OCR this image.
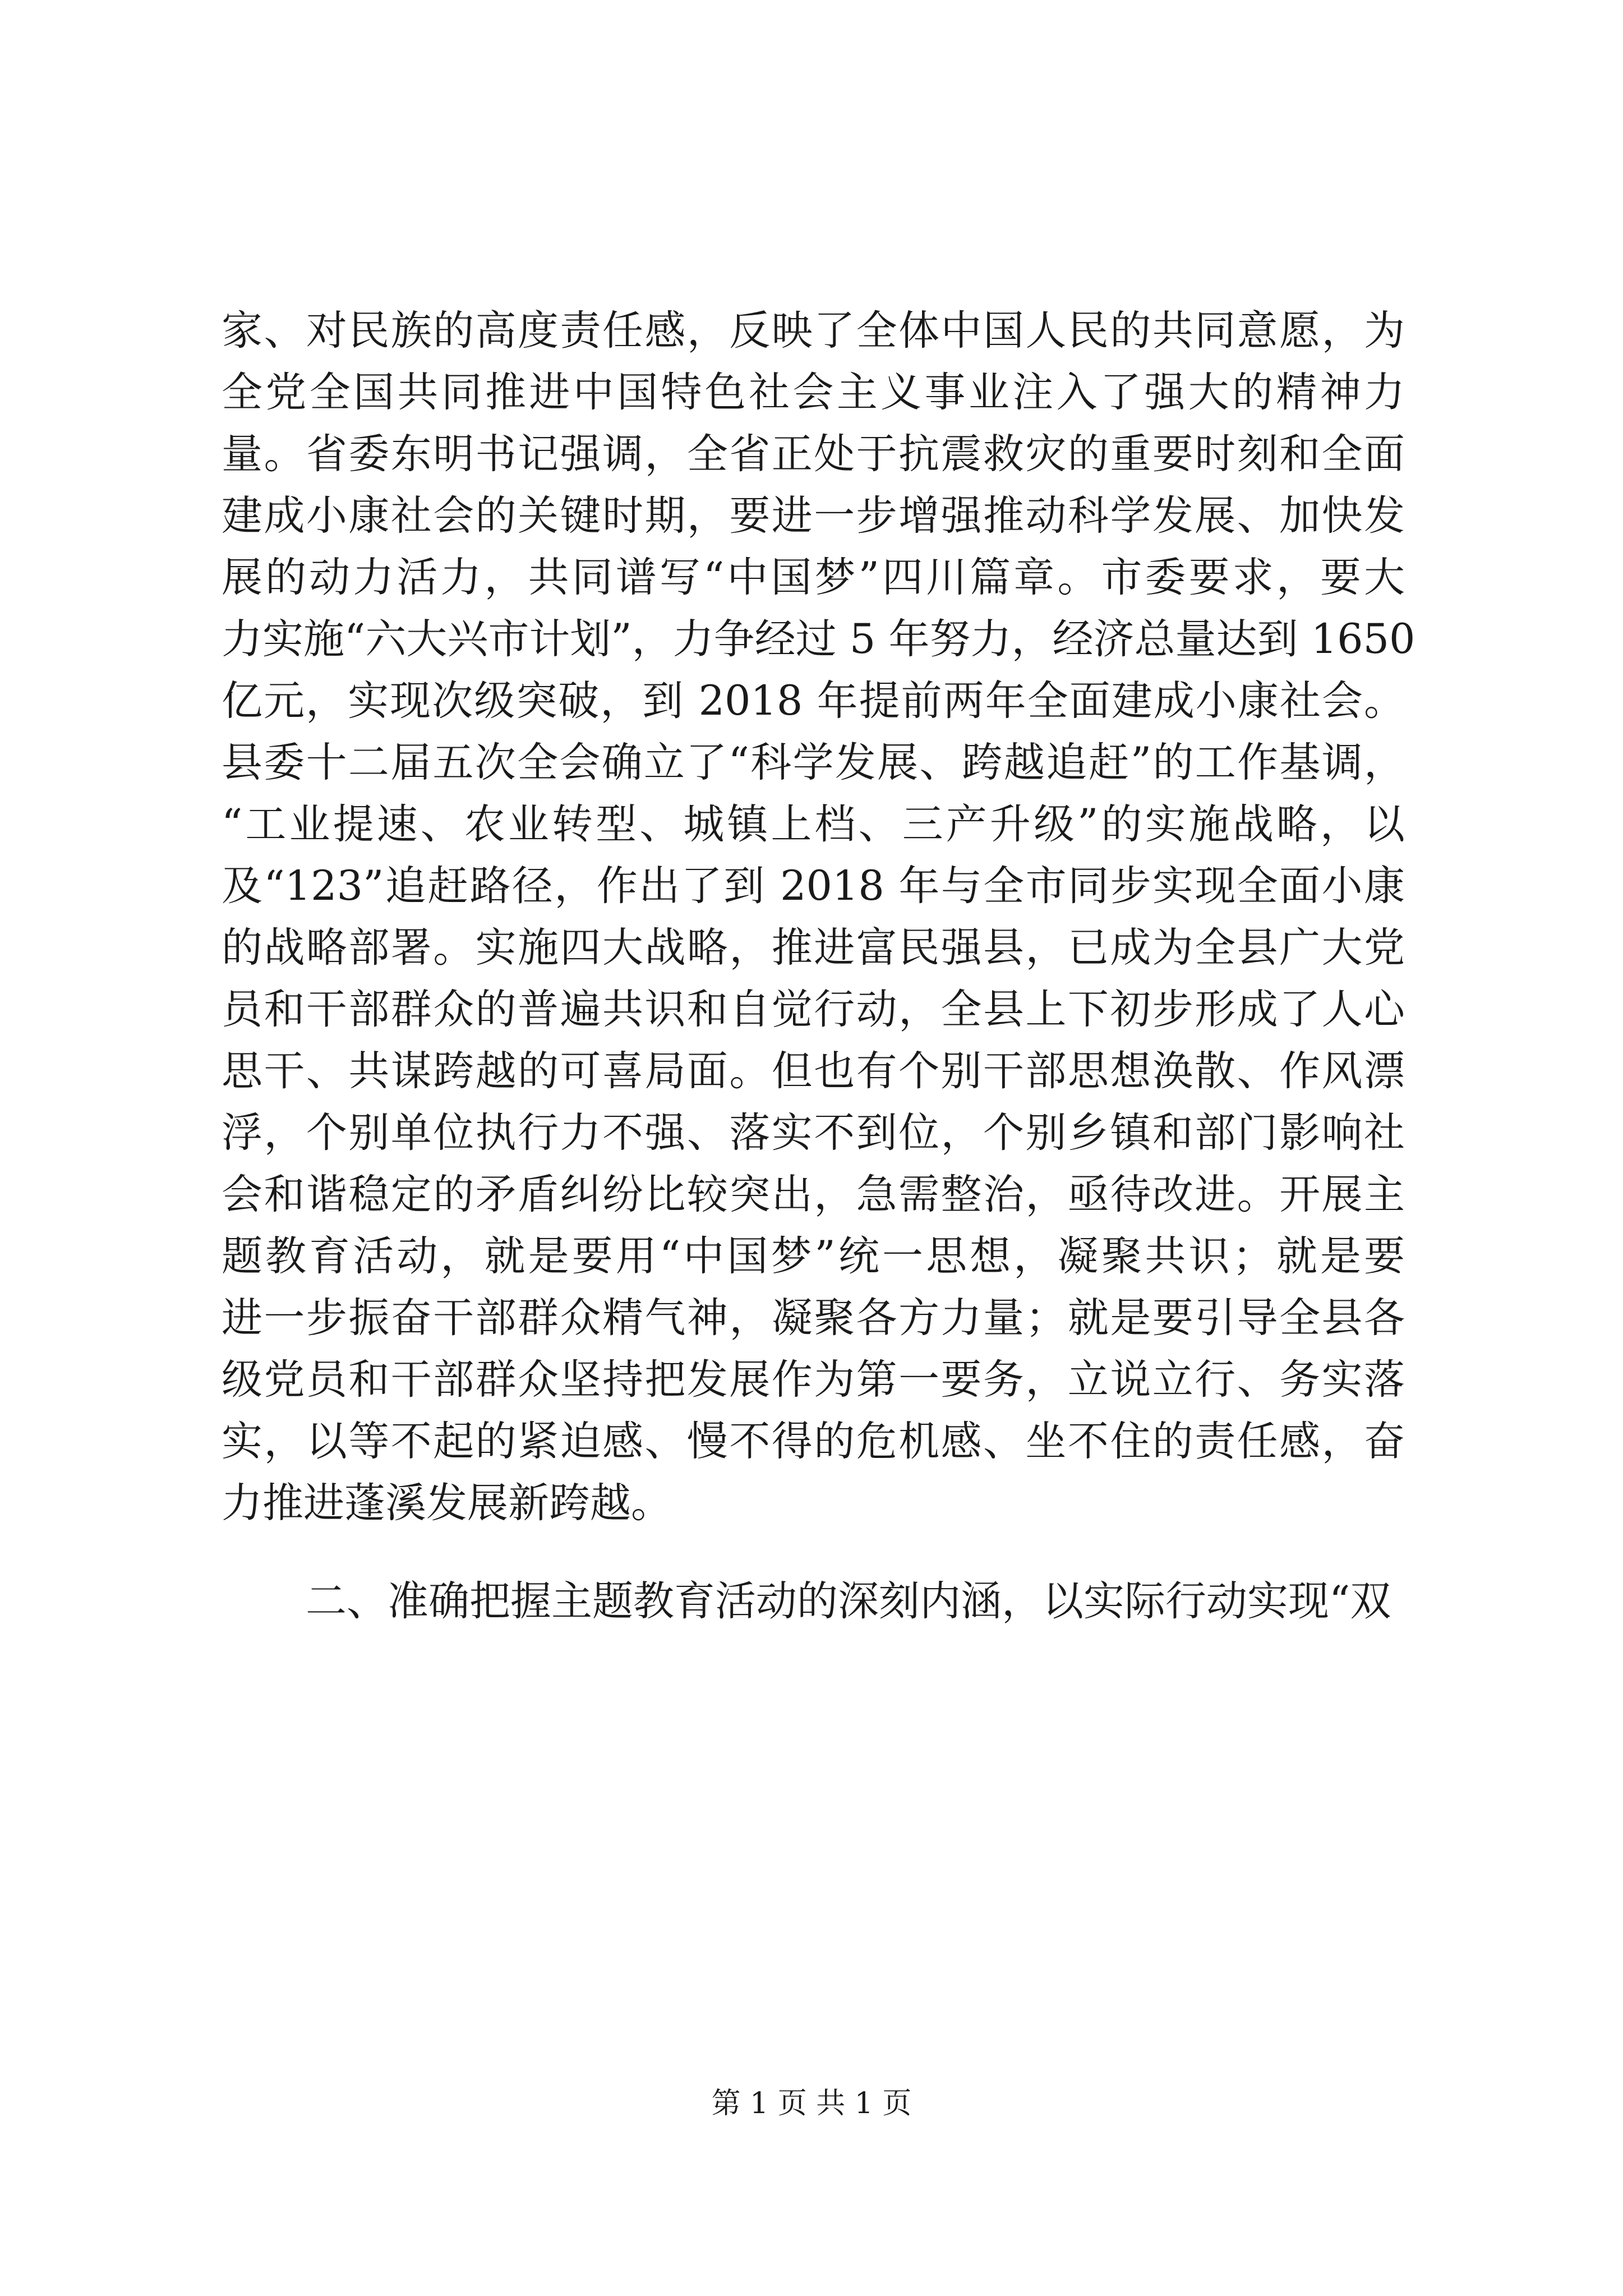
家、对民族的高度责任感，反映了全体中国人民的共同意愿，为
全党全国共同推进中国特色社会主义事业注入了强大的精神力
量。省委东明书记强调，全省正处于抗震救灾的重要时刻和全面
建成小康社会的关键时期，要进一步增强推动科学发展、加快发
展的动力活力，共同谱写“中国梦”四川篇章。市委要求，要大
力实施“六大兴市计划”，力争经过 5 年努力，经济总量达到 1650
亿元，实现次级突破，到 2018 年提前两年全面建成小康社会。
县委十二届五次全会确立了“科学发展、跨越追赶”的工作基调，
“工业提速、农业转型、城镇上档、三产升级”的实施战略，以
及“123”追赶路径，作出了到 2018 年与全市同步实现全面小康
的战略部署。实施四大战略，推进富民强县，已成为全县广大党
员和干部群众的普遍共识和自觉行动，全县上下初步形成了人心
思干、共谋跨越的可喜局面。但也有个别干部思想涣散、作风漂
浮，个别单位执行力不强、落实不到位，个别乡镇和部门影响社
会和谐稳定的矛盾纠纷比较突出，急需整治，亟待改进。开展主
题教育活动，就是要用“中国梦”统一思想，凝聚共识；就是要
进一步振奋干部群众精气神，凝聚各方力量；就是要引导全县各
级党员和干部群众坚持把发展作为第一要务，立说立行、务实落
实，以等不起的紧迫感、慢不得的危机感、坐不住的责任感，奋
力推进蓬溪发展新跨越。
二、准确把握主题教育活动的深刻内涵，以实际行动实现“双
第 1 页 共 1 页
